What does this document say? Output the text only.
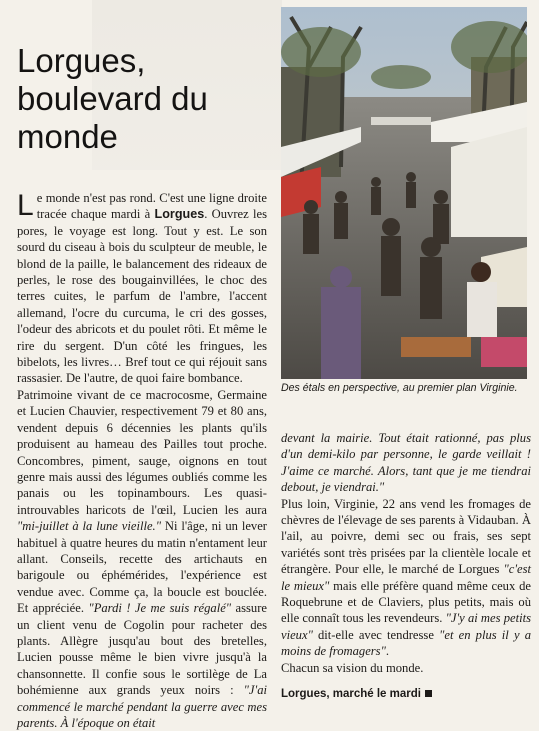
Lorgues, boulevard du monde
Des étals en perspective, au premier plan Virginie.

Le monde n'est pas rond. C'est une ligne droite tracée chaque mardi à Lorgues. Ouvrez les pores, le voyage est long. Tout y est. Le son sourd du ciseau à bois du sculpteur de meuble, le blond de la paille, le balancement des rideaux de perles, le rose des bougainvillées, le choc des terres cuites, le parfum de l'ambre, l'accent allemand, l'ocre du curcuma, le cri des gosses, l'odeur des abricots et du poulet rôti. Et même le rire du sergent. D'un côté les fringues, les bibelots, les livres… Bref tout ce qui réjouit sans rassasier. De l'autre, de quoi faire bombance.

Patrimoine vivant de ce macrocosme, Germaine et Lucien Chauvier, respectivement 79 et 80 ans, vendent depuis 6 décennies les plants qu'ils produisent au hameau des Pailles tout proche. Concombres, piment, sauge, oignons en tout genre mais aussi des légumes oubliés comme les panais ou les topinambours. Les quasi-introuvables haricots de l'œil, Lucien les aura "mi-juillet à la lune vieille." Ni l'âge, ni un lever habituel à quatre heures du matin n'entament leur allant. Conseils, recette des artichauts en barigoule ou éphémérides, l'expérience est vendue avec. Comme ça, la boucle est bouclée. Et appréciée. "Pardi ! Je me suis régalé" assure un client venu de Cogolin pour racheter des plants. Allègre jusqu'au bout des bretelles, Lucien pousse même le bien vivre jusqu'à la chansonnette. Il confie sous le sortilège de La bohémienne aux grands yeux noirs : "J'ai commencé le marché pendant la guerre avec mes parents. À l'époque on était

devant la mairie. Tout était rationné, pas plus d'un demi-kilo par personne, le garde veillait ! J'aime ce marché. Alors, tant que je me tiendrai debout, je viendrai."

Plus loin, Virginie, 22 ans vend les fromages de chèvres de l'élevage de ses parents à Vidauban. À l'ail, au poivre, demi sec ou frais, ses sept variétés sont très prisées par la clientèle locale et étrangère. Pour elle, le marché de Lorgues "c'est le mieux" mais elle préfère quand même ceux de Roquebrune et de Claviers, plus petits, mais où elle connaît tous les revendeurs. "J'y ai mes petits vieux" dit-elle avec tendresse "et en plus il y a moins de fromagers".

Chacun sa vision du monde.

Lorgues, marché le mardi
